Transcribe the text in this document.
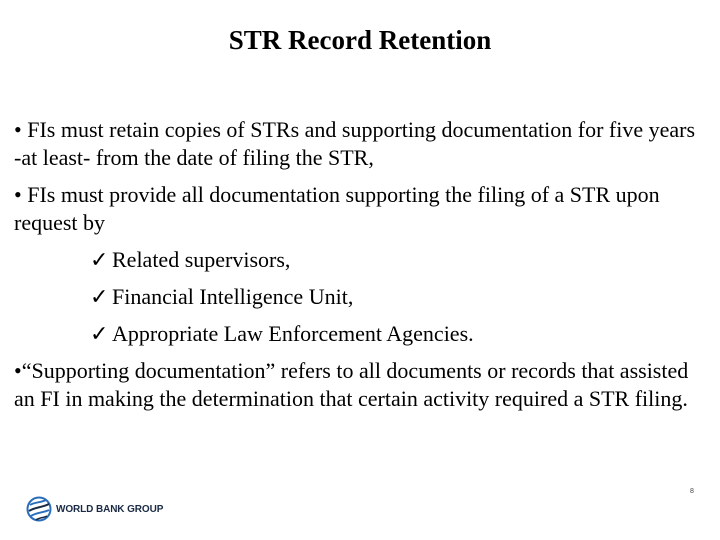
STR Record Retention

• FIs must retain copies of STRs and supporting documentation for five years -at least- from the date of filing the STR,

• FIs must provide all documentation supporting the filing of a STR upon request by

✓ Related supervisors,
✓ Financial Intelligence Unit,
✓ Appropriate Law Enforcement Agencies.

•“Supporting documentation” refers to all documents or records that assisted an FI in making the determination that certain activity required a STR filing.

WORLD BANK GROUP
8
